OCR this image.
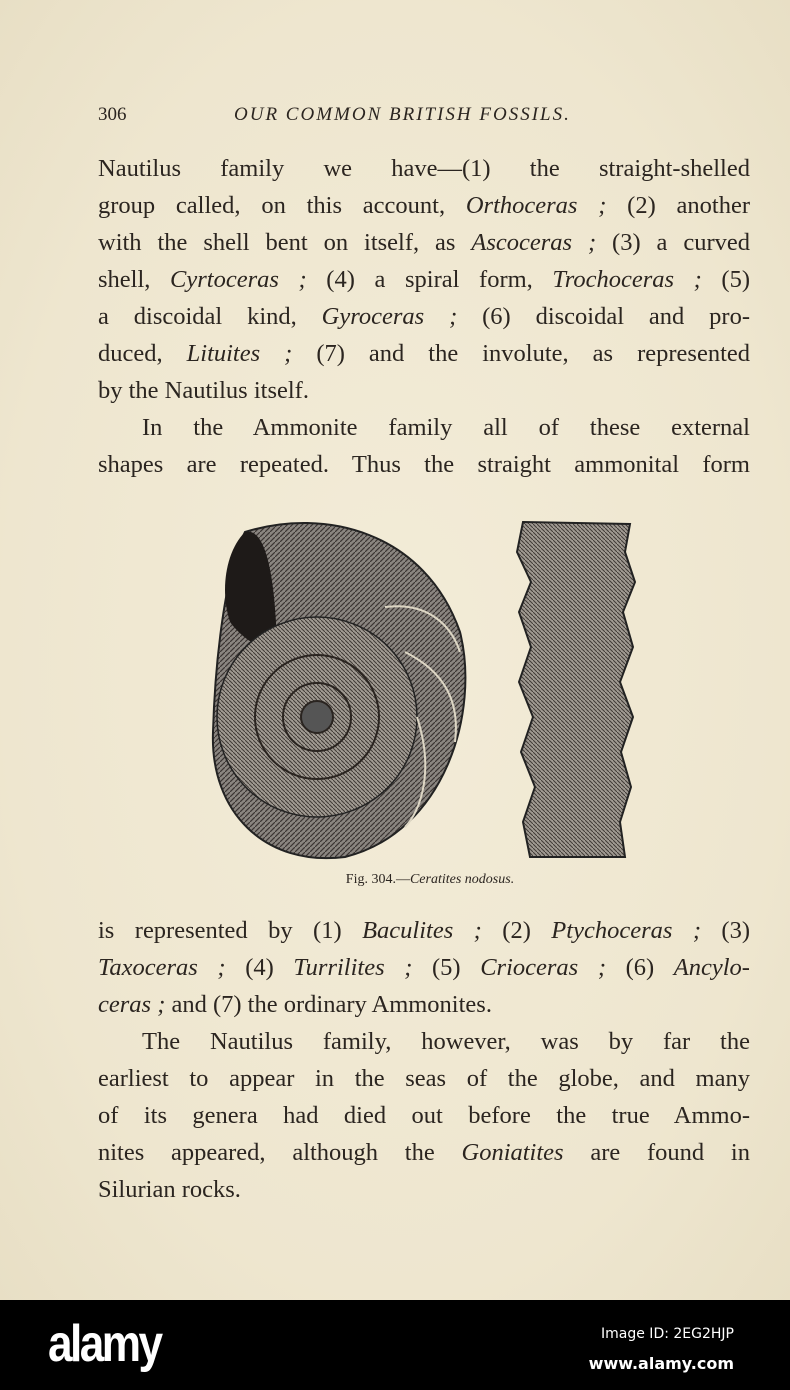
306	OUR COMMON BRITISH FOSSILS.
Nautilus family we have—(1) the straight-shelled
group called, on this account, Orthoceras ; (2) another
with the shell bent on itself, as Ascoceras ; (3) a curved
shell, Cyrtoceras ; (4) a spiral form, Trochoceras ; (5)
a discoidal kind, Gyroceras ; (6) discoidal and pro-
duced, Lituites ; (7) and the involute, as represented
by the Nautilus itself.
In the Ammonite family all of these external
shapes are repeated. Thus the straight ammonital form
Fig. 304.—Ceratites nodosus.
is represented by (1) Baculites ; (2) Ptychoceras ; (3)
Taxoceras ; (4) Turrilites ; (5) Crioceras ; (6) Ancylo-
ceras ; and (7) the ordinary Ammonites.
The Nautilus family, however, was by far the
earliest to appear in the seas of the globe, and many
of its genera had died out before the true Ammo-
nites appeared, although the Goniatites are found in
Silurian rocks.
alamy	Image ID: 2EG2HJP
www.alamy.com
